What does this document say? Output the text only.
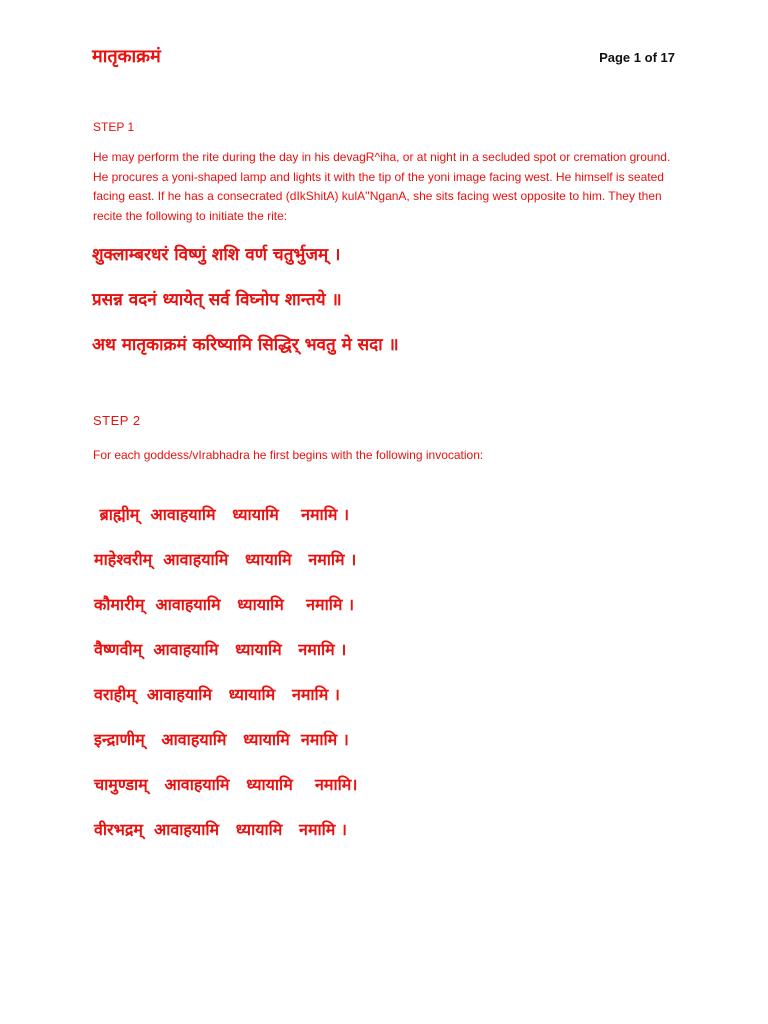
मातृकाक्रमं	Page 1 of 17
STEP 1
He may perform the rite during the day in his devagR^iha, or at night in a secluded spot or cremation ground. He procures a yoni-shaped lamp and lights it with the tip of the yoni image facing west. He himself is seated facing east. If he has a consecrated (dIkShitA) kulA''NganA, she sits facing west opposite to him. They then recite the following to initiate the rite:
शुक्लाम्बरधरं विष्णुं शशि वर्ण चतुर्भुजम् ।
प्रसन्न वदनं ध्यायेत् सर्व विघ्नोप शान्तये ॥
अथ मातृकाक्रमं करिष्यामि सिद्धिर् भवतु मे सदा ॥
STEP 2
For each goddess/vIrabhadra he first begins with the following invocation:
ब्राह्मीम्  आवाहयामि   ध्यायामि    नमामि ।
माहेश्वरीम्  आवाहयामि   ध्यायामि   नमामि ।
कौमारीम्  आवाहयामि   ध्यायामि    नमामि ।
वैष्णवीम्  आवाहयामि   ध्यायामि   नमामि ।
वराहीम्  आवाहयामि   ध्यायामि   नमामि ।
इन्द्राणीम्   आवाहयामि   ध्यायामि  नमामि ।
चामुण्डाम्   आवाहयामि   ध्यायामि    नमामि।
वीरभद्रम्  आवाहयामि   ध्यायामि   नमामि ।
